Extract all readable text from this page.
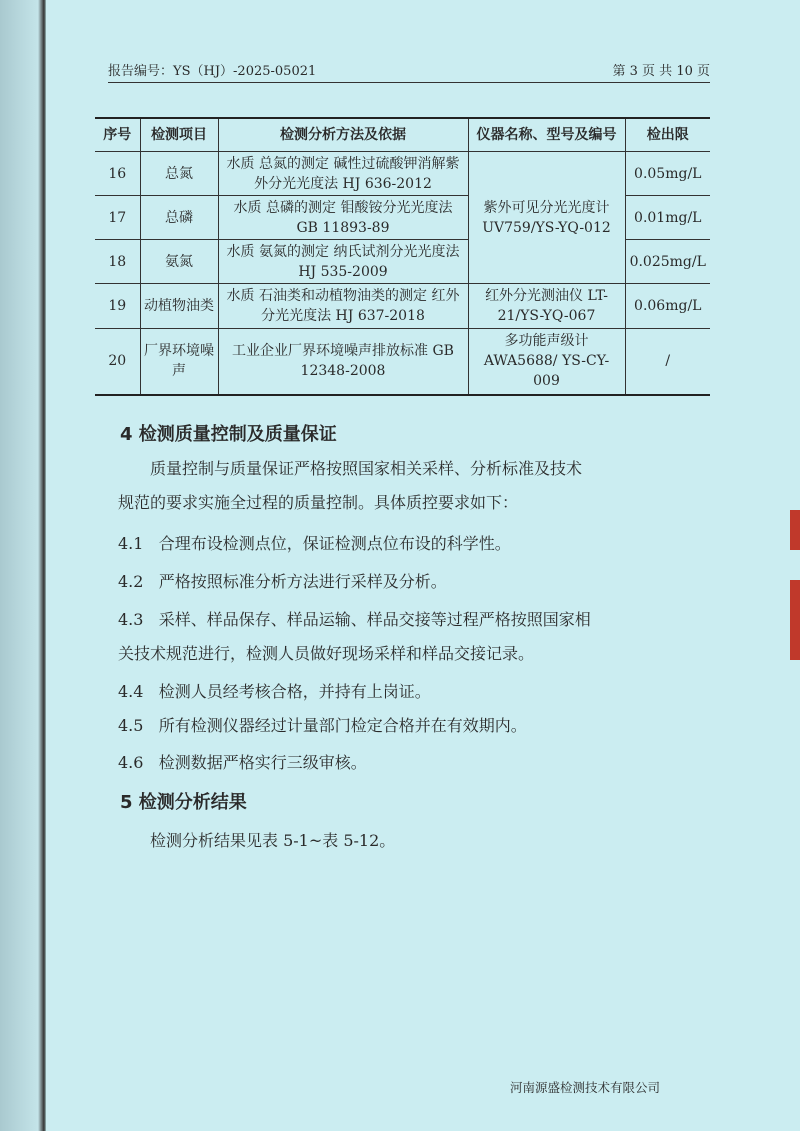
报告编号：YS（HJ）-2025-05021	第 3 页 共 10 页
序号	检测项目	检测分析方法及依据	仪器名称、型号及编号	检出限
16	总氮	水质 总氮的测定 碱性过硫酸钾消解紫外分光光度法 HJ 636-2012	紫外可见分光光度计 UV759/YS-YQ-012	0.05mg/L
17	总磷	水质 总磷的测定 钼酸铵分光光度法 GB 11893-89		0.01mg/L
18	氨氮	水质 氨氮的测定 纳氏试剂分光光度法 HJ 535-2009		0.025mg/L
19	动植物油类	水质 石油类和动植物油类的测定 红外分光光度法 HJ 637-2018	红外分光测油仪 LT-21/YS-YQ-067	0.06mg/L
20	厂界环境噪声	工业企业厂界环境噪声排放标准 GB 12348-2008	多功能声级计 AWA5688/ YS-CY-009	/
4 检测质量控制及质量保证
质量控制与质量保证严格按照国家相关采样、分析标准及技术
规范的要求实施全过程的质量控制。具体质控要求如下：
4.1 合理布设检测点位，保证检测点位布设的科学性。
4.2 严格按照标准分析方法进行采样及分析。
4.3 采样、样品保存、样品运输、样品交接等过程严格按照国家相
关技术规范进行，检测人员做好现场采样和样品交接记录。
4.4 检测人员经考核合格，并持有上岗证。
4.5 所有检测仪器经过计量部门检定合格并在有效期内。
4.6 检测数据严格实行三级审核。
5 检测分析结果
检测分析结果见表 5-1~表 5-12。
河南源盛检测技术有限公司
